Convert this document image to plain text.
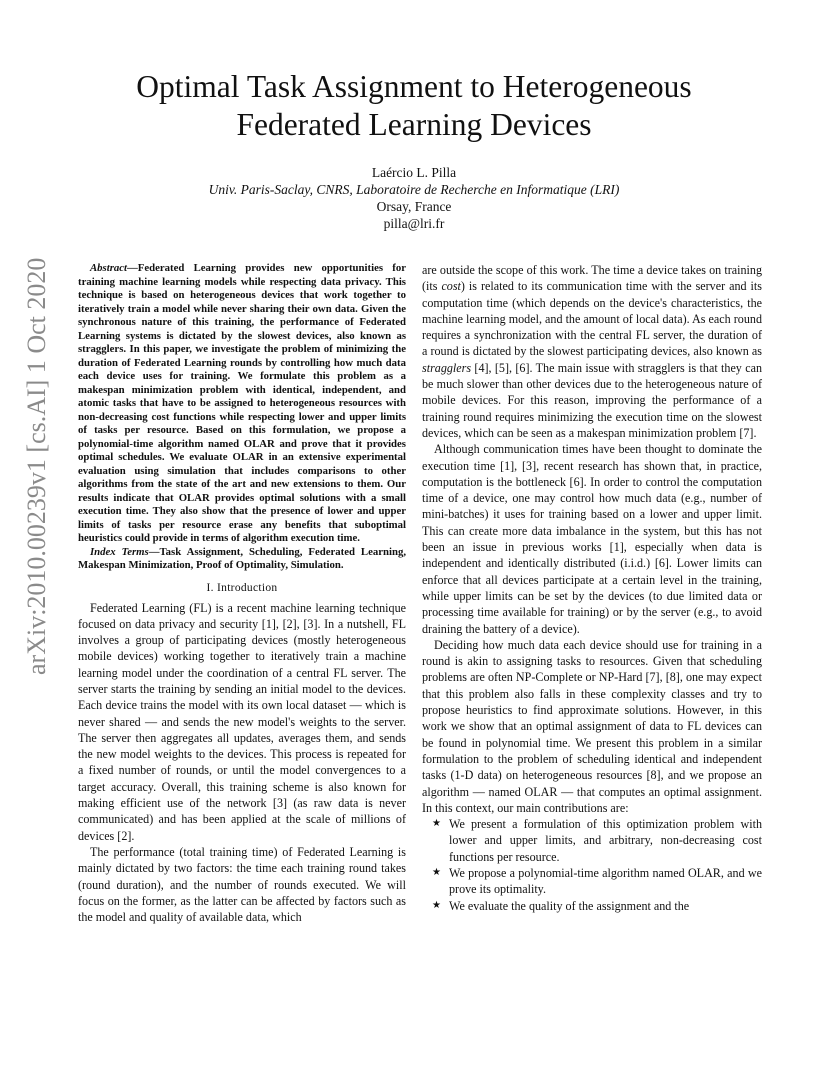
arXiv:2010.00239v1 [cs.AI] 1 Oct 2020
Optimal Task Assignment to Heterogeneous
Federated Learning Devices
Laércio L. Pilla
Univ. Paris-Saclay, CNRS, Laboratoire de Recherche en Informatique (LRI)
Orsay, France
pilla@lri.fr

Abstract—Federated Learning provides new opportunities for training machine learning models while respecting data privacy. This technique is based on heterogeneous devices that work together to iteratively train a model while never sharing their own data. Given the synchronous nature of this training, the performance of Federated Learning systems is dictated by the slowest devices, also known as stragglers. In this paper, we investigate the problem of minimizing the duration of Federated Learning rounds by controlling how much data each device uses for training. We formulate this problem as a makespan minimization problem with identical, independent, and atomic tasks that have to be assigned to heterogeneous resources with non-decreasing cost functions while respecting lower and upper limits of tasks per resource. Based on this formulation, we propose a polynomial-time algorithm named OLAR and prove that it provides optimal schedules. We evaluate OLAR in an extensive experimental evaluation using simulation that includes comparisons to other algorithms from the state of the art and new extensions to them. Our results indicate that OLAR provides optimal solutions with a small execution time. They also show that the presence of lower and upper limits of tasks per resource erase any benefits that suboptimal heuristics could provide in terms of algorithm execution time.

Index Terms—Task Assignment, Scheduling, Federated Learning, Makespan Minimization, Proof of Optimality, Simulation.

I. Introduction

Federated Learning (FL) is a recent machine learning technique focused on data privacy and security [1], [2], [3]. In a nutshell, FL involves a group of participating devices (mostly heterogeneous mobile devices) working together to iteratively train a machine learning model under the coordination of a central FL server. The server starts the training by sending an initial model to the devices. Each device trains the model with its own local dataset — which is never shared — and sends the new model's weights to the server. The server then aggregates all updates, averages them, and sends the new model weights to the devices. This process is repeated for a fixed number of rounds, or until the model convergences to a target accuracy. Overall, this training scheme is also known for making efficient use of the network [3] (as raw data is never communicated) and has been applied at the scale of millions of devices [2].

The performance (total training time) of Federated Learning is mainly dictated by two factors: the time each training round takes (round duration), and the number of rounds executed. We will focus on the former, as the latter can be affected by factors such as the model and quality of available data, which

are outside the scope of this work. The time a device takes on training (its cost) is related to its communication time with the server and its computation time (which depends on the device's characteristics, the machine learning model, and the amount of local data). As each round requires a synchronization with the central FL server, the duration of a round is dictated by the slowest participating devices, also known as stragglers [4], [5], [6]. The main issue with stragglers is that they can be much slower than other devices due to the heterogeneous nature of mobile devices. For this reason, improving the performance of a training round requires minimizing the execution time on the slowest devices, which can be seen as a makespan minimization problem [7].

Although communication times have been thought to dominate the execution time [1], [3], recent research has shown that, in practice, computation is the bottleneck [6]. In order to control the computation time of a device, one may control how much data (e.g., number of mini-batches) it uses for training based on a lower and upper limit. This can create more data imbalance in the system, but this has not been an issue in previous works [1], especially when data is independent and identically distributed (i.i.d.) [6]. Lower limits can enforce that all devices participate at a certain level in the training, while upper limits can be set by the devices (to due limited data or processing time available for training) or by the server (e.g., to avoid draining the battery of a device).

Deciding how much data each device should use for training in a round is akin to assigning tasks to resources. Given that scheduling problems are often NP-Complete or NP-Hard [7], [8], one may expect that this problem also falls in these complexity classes and try to propose heuristics to find approximate solutions. However, in this work we show that an optimal assignment of data to FL devices can be found in polynomial time. We present this problem in a similar formulation to the problem of scheduling identical and independent tasks (1-D data) on heterogeneous resources [8], and we propose an algorithm — named OLAR — that computes an optimal assignment. In this context, our main contributions are:

★ We present a formulation of this optimization problem with lower and upper limits, and arbitrary, non-decreasing cost functions per resource.
★ We propose a polynomial-time algorithm named OLAR, and we prove its optimality.
★ We evaluate the quality of the assignment and the
